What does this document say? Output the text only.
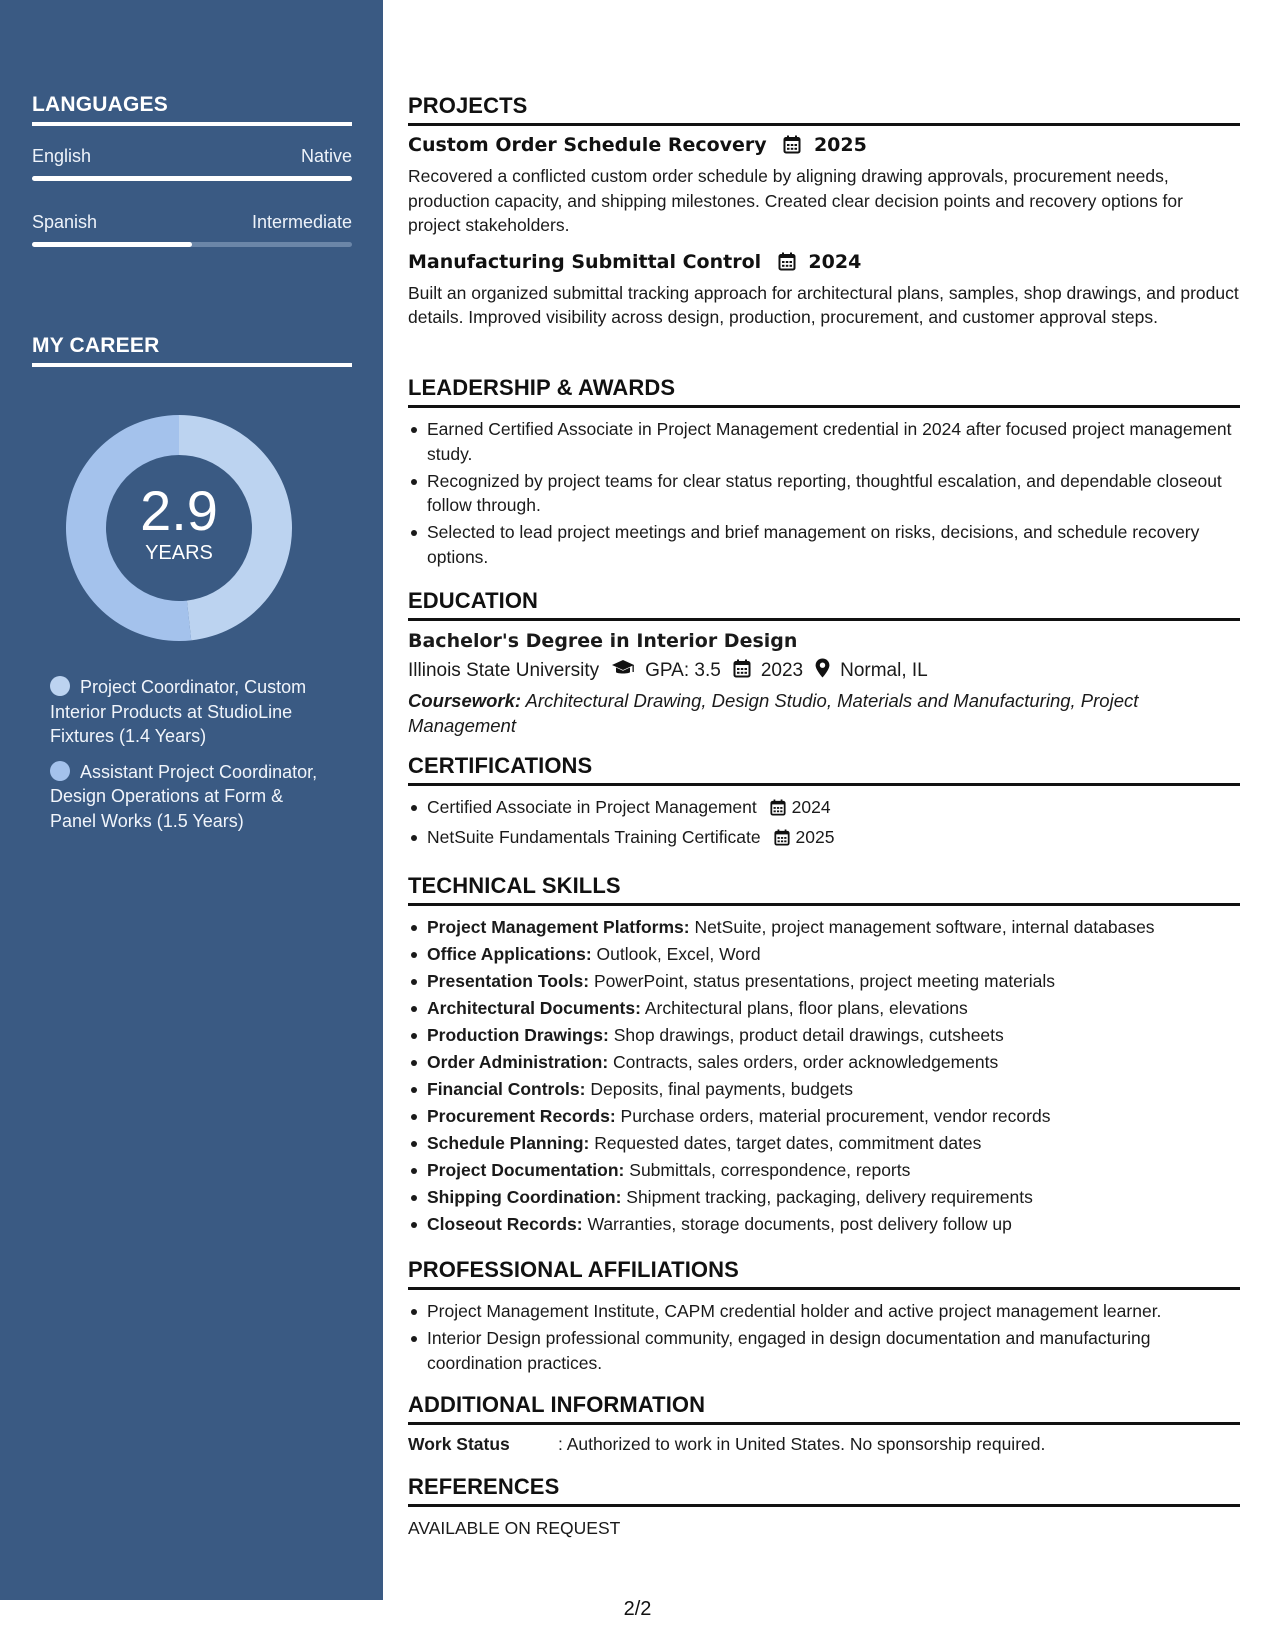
LANGUAGES
English	Native
Spanish	Intermediate
MY CAREER
2.9
YEARS
Project Coordinator, Custom Interior Products at StudioLine Fixtures (1.4 Years)
Assistant Project Coordinator, Design Operations at Form & Panel Works (1.5 Years)
PROJECTS
Custom Order Schedule Recovery 2025
Recovered a conflicted custom order schedule by aligning drawing approvals, procurement needs, production capacity, and shipping milestones. Created clear decision points and recovery options for project stakeholders.
Manufacturing Submittal Control 2024
Built an organized submittal tracking approach for architectural plans, samples, shop drawings, and product details. Improved visibility across design, production, procurement, and customer approval steps.
LEADERSHIP & AWARDS
Earned Certified Associate in Project Management credential in 2024 after focused project management study.
Recognized by project teams for clear status reporting, thoughtful escalation, and dependable closeout follow through.
Selected to lead project meetings and brief management on risks, decisions, and schedule recovery options.
EDUCATION
Bachelor's Degree in Interior Design
Illinois State University GPA: 3.5 2023 Normal, IL
Coursework: Architectural Drawing, Design Studio, Materials and Manufacturing, Project Management
CERTIFICATIONS
Certified Associate in Project Management 2024
NetSuite Fundamentals Training Certificate 2025
TECHNICAL SKILLS
Project Management Platforms: NetSuite, project management software, internal databases
Office Applications: Outlook, Excel, Word
Presentation Tools: PowerPoint, status presentations, project meeting materials
Architectural Documents: Architectural plans, floor plans, elevations
Production Drawings: Shop drawings, product detail drawings, cutsheets
Order Administration: Contracts, sales orders, order acknowledgements
Financial Controls: Deposits, final payments, budgets
Procurement Records: Purchase orders, material procurement, vendor records
Schedule Planning: Requested dates, target dates, commitment dates
Project Documentation: Submittals, correspondence, reports
Shipping Coordination: Shipment tracking, packaging, delivery requirements
Closeout Records: Warranties, storage documents, post delivery follow up
PROFESSIONAL AFFILIATIONS
Project Management Institute, CAPM credential holder and active project management learner.
Interior Design professional community, engaged in design documentation and manufacturing coordination practices.
ADDITIONAL INFORMATION
Work Status	: Authorized to work in United States. No sponsorship required.
REFERENCES
AVAILABLE ON REQUEST
2/2
